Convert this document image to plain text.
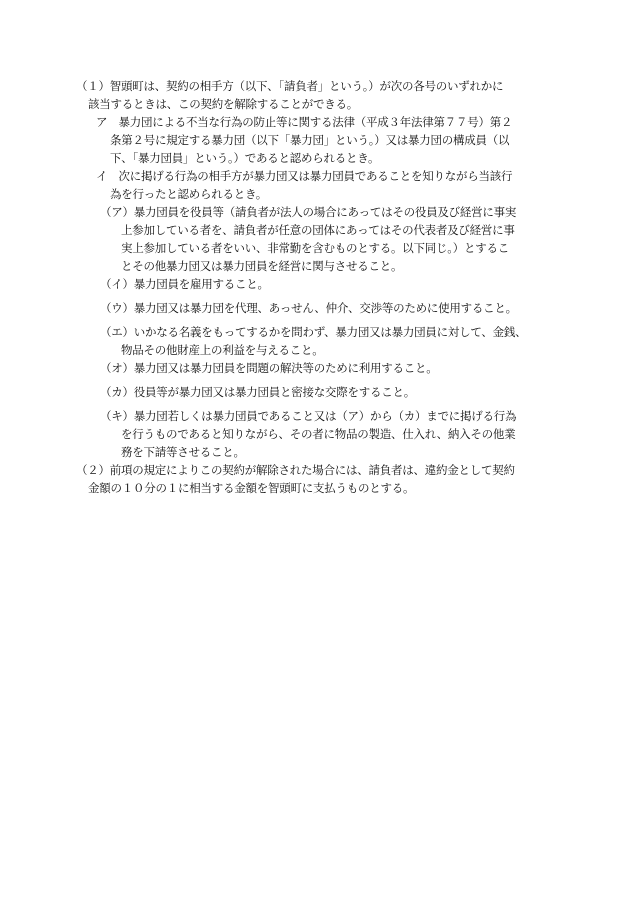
（１）智頭町は、契約の相手方（以下、「請負者」という。）が次の各号のいずれかに
該当するときは、この契約を解除することができる。

ア　 暴力団による不当な行為の防止等に関する法律（平成３年法律第７７号）第２
条第２号に規定する暴力団（以下「暴力団」という。）又は暴力団の構成員（以
下、「暴力団員」という。）であると認められるとき。

イ　 次に掲げる行為の相手方が暴力団又は暴力団員であることを知りながら当該行
為を行ったと認められるとき。

（ア）暴力団員を役員等（請負者が法人の場合にあってはその役員及び経営に事実
上参加している者を、請負者が任意の団体にあってはその代表者及び経営に事
実上参加している者をいい、非常勤を含むものとする。以下同じ。）とするこ
とその他暴力団又は暴力団員を経営に関与させること。

（イ）暴力団員を雇用すること。

（ウ）暴力団又は暴力団を代理、あっせん、仲介、交渉等のために使用すること。

（エ）いかなる名義をもってするかを問わず、暴力団又は暴力団員に対して、金銭、
物品その他財産上の利益を与えること。

（オ）暴力団又は暴力団員を問題の解決等のために利用すること。

（カ）役員等が暴力団又は暴力団員と密接な交際をすること。

（キ）暴力団若しくは暴力団員であること又は（ア）から（カ）までに掲げる行為
を行うものであると知りながら、その者に物品の製造、仕入れ、納入その他業
務を下請等させること。

（２）前項の規定によりこの契約が解除された場合には、請負者は、違約金として契約
金額の１０分の１に相当する金額を智頭町に支払うものとする。
